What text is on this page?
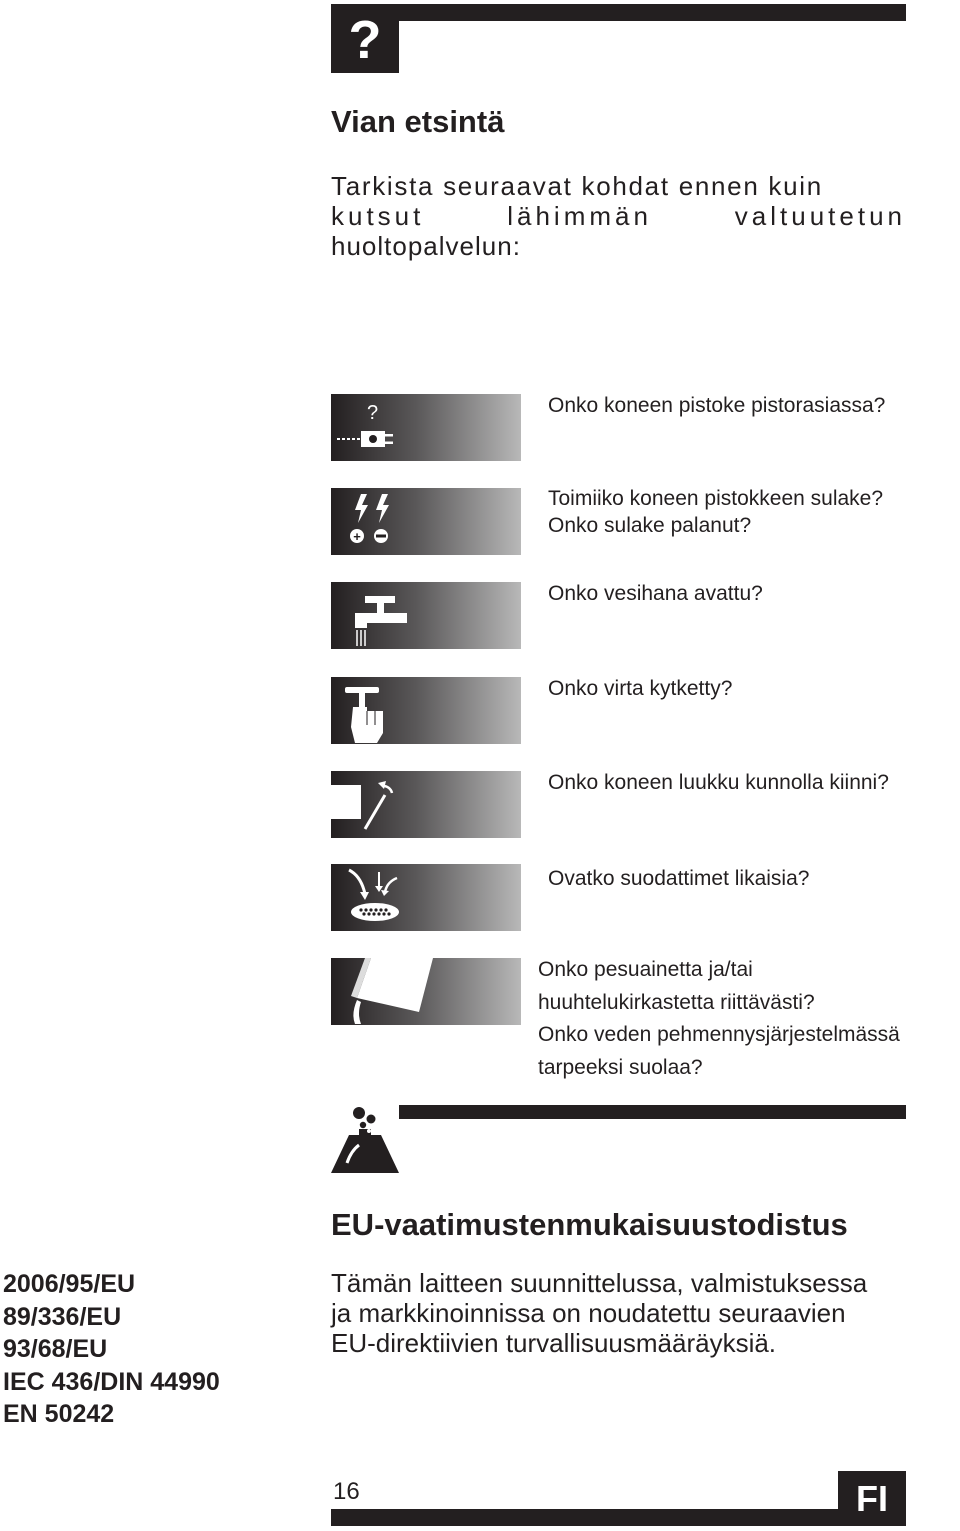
?
Vian etsintä

Tarkista seuraavat kohdat ennen kuin
kutsut lähimmän valtuutetun
huoltopalvelun:

?	Onko koneen pistoke pistorasiassa?
+
Toimiiko koneen pistokkeen sulake?
Onko sulake palanut?
Onko vesihana avattu?
Onko virta kytketty?
Onko koneen luukku kunnolla kiinni?
Ovatko suodattimet likaisia?
Onko pesuainetta ja/tai
huuhtelukirkastetta riittävästi?
Onko veden pehmennysjärjestelmässä
tarpeeksi suolaa?
EU-vaatimustenmukaisuustodistus

Tämän laitteen suunnittelussa, valmistuksessa
ja markkinoinnissa on noudatettu seuraavien
EU-direktiivien turvallisuusmääräyksiä.

2006/95/EU
89/336/EU
93/68/EU
IEC 436/DIN 44990
EN 50242
16	FI
